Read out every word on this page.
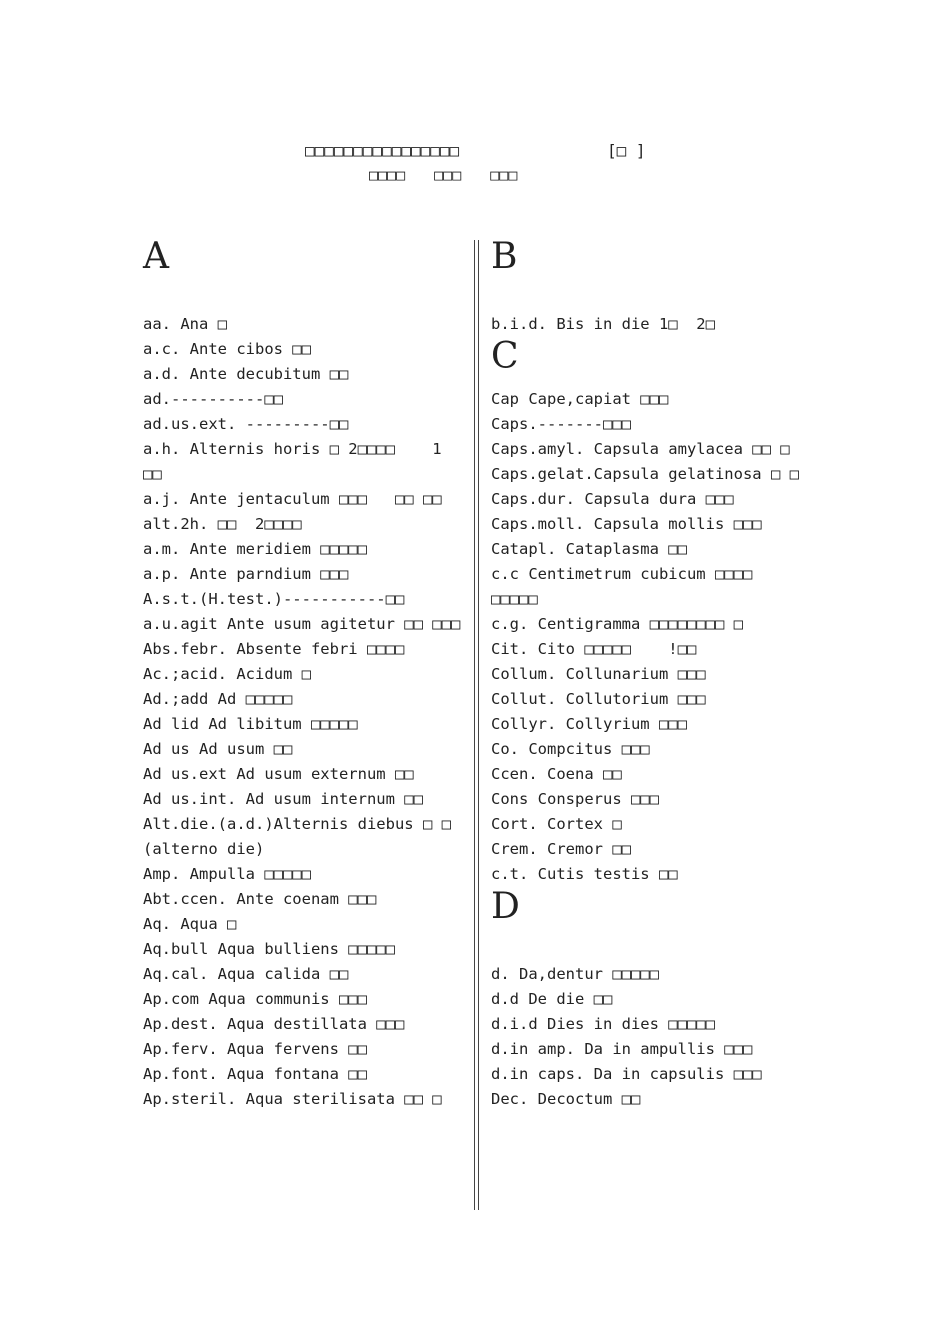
□□□□□□□□□□□□□□□□	[□ ]
□□□□ □□□ □□□
A
aa. Ana □
a.c. Ante cibos □□
a.d. Ante decubitum □□
ad.----------□□
ad.us.ext. ---------□□
a.h. Alternis horis □ 2□□□□    1 □□
a.j. Ante jentaculum □□□   □□ □□
alt.2h. □□  2□□□□
a.m. Ante meridiem □□□□□
a.p. Ante parndium □□□
A.s.t.(H.test.)-----------□□
a.u.agit Ante usum agitetur □□ □□□
Abs.febr. Absente febri □□□□
Ac.;acid. Acidum □
Ad.;add Ad □□□□□
Ad lid Ad libitum □□□□□
Ad us Ad usum □□
Ad us.ext Ad usum externum □□
Ad us.int. Ad usum internum □□
Alt.die.(a.d.)Alternis diebus □ □
(alterno die)
Amp. Ampulla □□□□□
Abt.ccen. Ante coenam □□□
Aq. Aqua □
Aq.bull Aqua bulliens □□□□□
Aq.cal. Aqua calida □□
Ap.com Aqua communis □□□
Ap.dest. Aqua destillata □□□
Ap.ferv. Aqua fervens □□
Ap.font. Aqua fontana □□
Ap.steril. Aqua sterilisata □□ □
B
b.i.d. Bis in die 1□  2□
C
Cap Cape,capiat □□□
Caps.-------□□□
Caps.amyl. Capsula amylacea □□ □
Caps.gelat.Capsula gelatinosa □ □
Caps.dur. Capsula dura □□□
Caps.moll. Capsula mollis □□□
Catapl. Cataplasma □□
c.c Centimetrum cubicum □□□□ □□□□□
c.g. Centigramma □□□□□□□□ □
Cit. Cito □□□□□    !□□
Collum. Collunarium □□□
Collut. Collutorium □□□
Collyr. Collyrium □□□
Co. Compcitus □□□
Ccen. Coena □□
Cons Consperus □□□
Cort. Cortex □
Crem. Cremor □□
c.t. Cutis testis □□
D
d. Da,dentur □□□□□
d.d De die □□
d.i.d Dies in dies □□□□□
d.in amp. Da in ampullis □□□
d.in caps. Da in capsulis □□□
Dec. Decoctum □□
